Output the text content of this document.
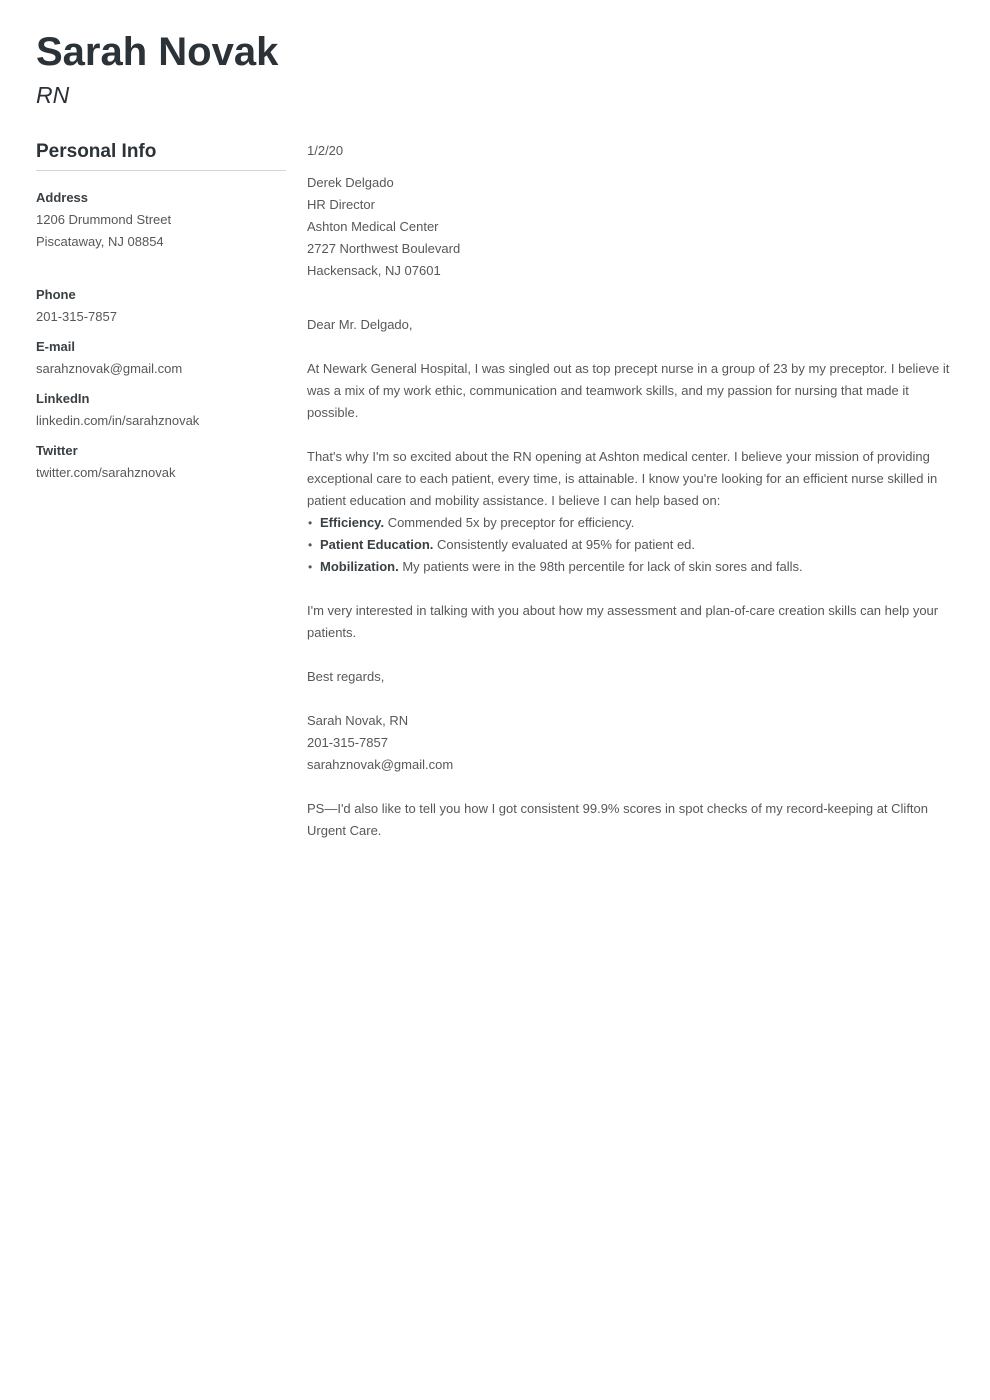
Sarah Novak
RN
Personal Info
Address
1206 Drummond Street
Piscataway, NJ 08854
Phone
201-315-7857
E-mail
sarahznovak@gmail.com
LinkedIn
linkedin.com/in/sarahznovak
Twitter
twitter.com/sarahznovak

1/2/20

Derek Delgado
HR Director
Ashton Medical Center
2727 Northwest Boulevard
Hackensack, NJ 07601

Dear Mr. Delgado,

At Newark General Hospital, I was singled out as top precept nurse in a group of 23 by my preceptor. I believe it was a mix of my work ethic, communication and teamwork skills, and my passion for nursing that made it possible.

That's why I'm so excited about the RN opening at Ashton medical center. I believe your mission of providing exceptional care to each patient, every time, is attainable. I know you're looking for an efficient nurse skilled in patient education and mobility assistance. I believe I can help based on:

• Efficiency. Commended 5x by preceptor for efficiency.
• Patient Education. Consistently evaluated at 95% for patient ed.
• Mobilization. My patients were in the 98th percentile for lack of skin sores and falls.

I'm very interested in talking with you about how my assessment and plan-of-care creation skills can help your patients.

Best regards,

Sarah Novak, RN
201-315-7857
sarahznovak@gmail.com

PS—I'd also like to tell you how I got consistent 99.9% scores in spot checks of my record-keeping at Clifton Urgent Care.
